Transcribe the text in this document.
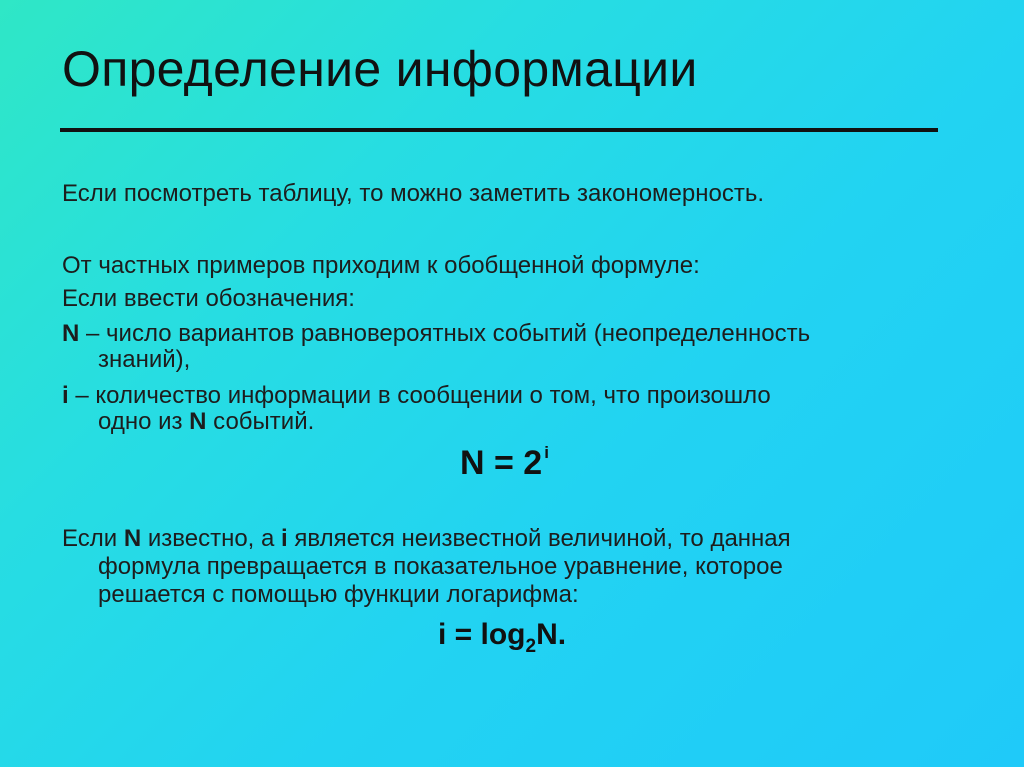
Определение информации
Если посмотреть таблицу, то можно заметить закономерность.
От частных примеров приходим к обобщенной формуле:
Если ввести обозначения:
N – число вариантов равновероятных событий (неопределенность
знаний),
i – количество информации в сообщении о том, что произошло
одно из N событий.
N = 2 $^i$
Если N известно, а i является неизвестной величиной, то данная
формула превращается в показательное уравнение, которое
решается с помощью функции логарифма:
$i = \log_2N$.
